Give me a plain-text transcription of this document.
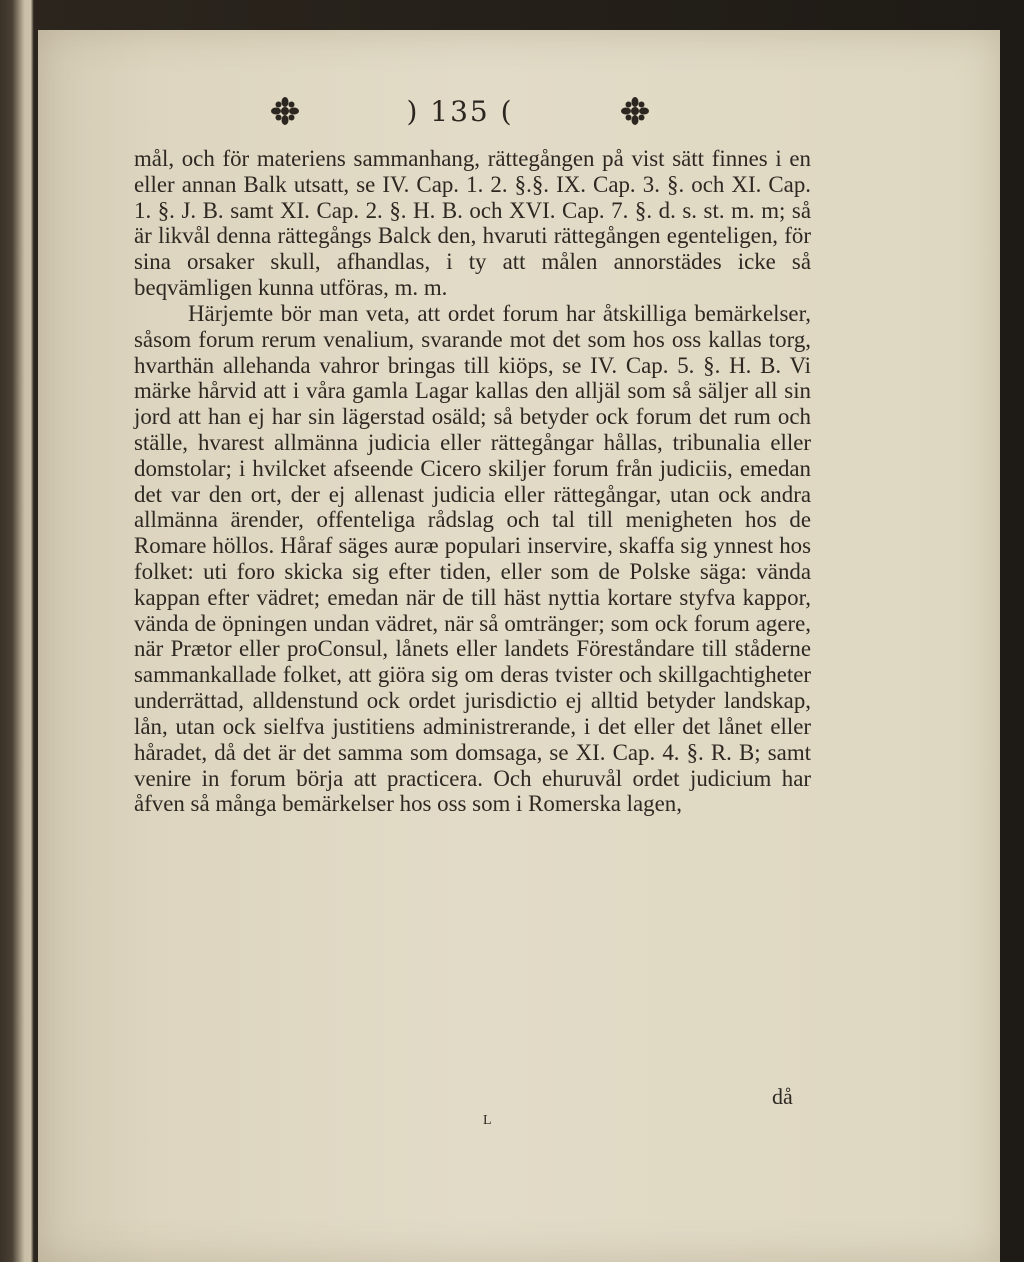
) 135 (

mål, och för materiens sammanhang, rättegången på vist sätt finnes i en eller annan Balk utsatt, se IV. Cap. 1. 2. §.§. IX. Cap. 3. §. och XI. Cap. 1. §. J. B. samt XI. Cap. 2. §. H. B. och XVI. Cap. 7. §. d. s. st. m. m; så är likvål denna rättegångs Balck den, hvaruti rättegången egenteligen, för sina orsaker skull, afhandlas, i ty att målen annorstädes icke så beqvämligen kunna utföras, m. m.

Härjemte bör man veta, att ordet forum har åtskilliga bemärkelser, såsom forum rerum venalium, svarande mot det som hos oss kallas torg, hvarthän allehanda vahror bringas till kiöps, se IV. Cap. 5. §. H. B. Vi märke hårvid att i våra gamla Lagar kallas den alljäl som så säljer all sin jord att han ej har sin lägerstad osäld; så betyder ock forum det rum och ställe, hvarest allmänna judicia eller rättegångar hållas, tribunalia eller domstolar; i hvilcket afseende Cicero skiljer forum från judiciis, emedan det var den ort, der ej allenast judicia eller rättegångar, utan ock andra allmänna ärender, offenteliga rådslag och tal till menigheten hos de Romare höllos. Håraf säges auræ populari inservire, skaffa sig ynnest hos folket: uti foro skicka sig efter tiden, eller som de Polske säga: vända kappan efter vädret; emedan när de till häst nyttia kortare styfva kappor, vända de öpningen undan vädret, när så omtränger; som ock forum agere, när Prætor eller proConsul, lånets eller landets Föreståndare till ståderne sammankallade folket, att giöra sig om deras tvister och skillgachtigheter underrättad, alldenstund ock ordet jurisdictio ej alltid betyder landskap, lån, utan ock sielfva justitiens administrerande, i det eller det lånet eller håradet, då det är det samma som domsaga, se XI. Cap. 4. §. R. B; samt venire in forum börja att practicera. Och ehuruvål ordet judicium har åfven så många bemärkelser hos oss som i Romerska lagen,

då
L
